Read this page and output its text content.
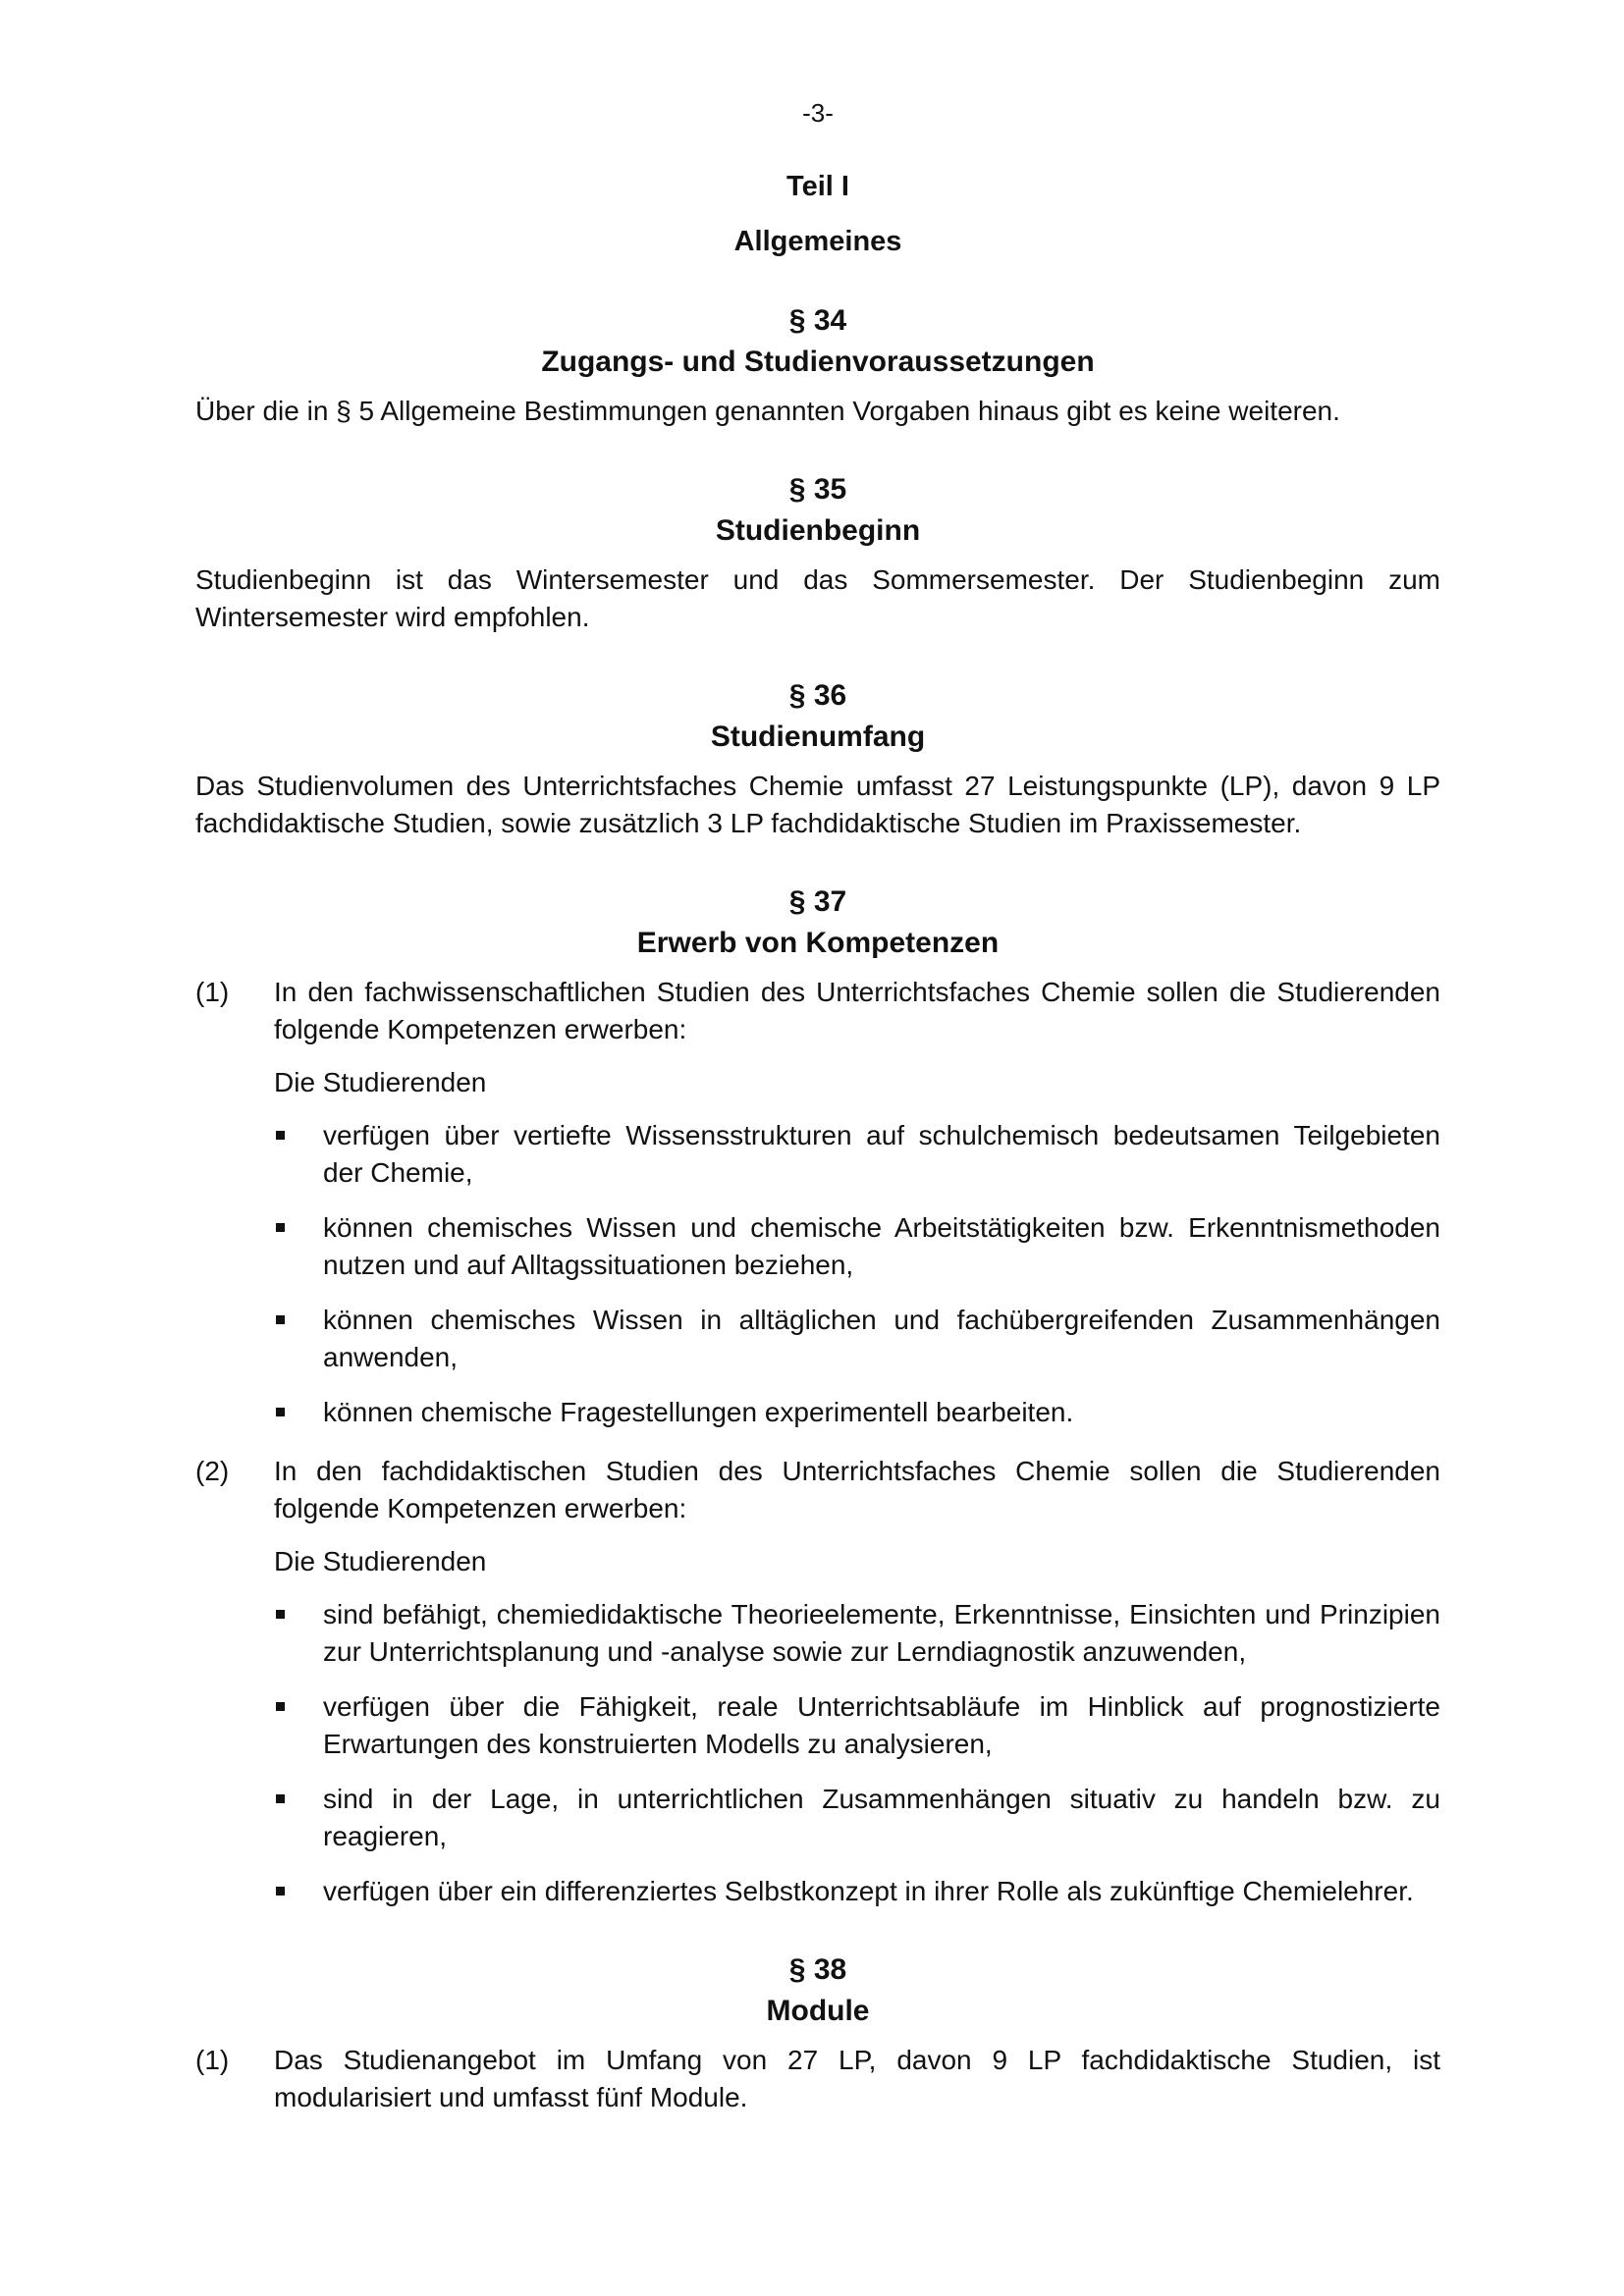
-3-
Teil I
Allgemeines
§ 34
Zugangs- und Studienvoraussetzungen

Über die in § 5 Allgemeine Bestimmungen genannten Vorgaben hinaus gibt es keine weiteren.

§ 35
Studienbeginn

Studienbeginn ist das Wintersemester und das Sommersemester. Der Studienbeginn zum Wintersemester wird empfohlen.

§ 36
Studienumfang

Das Studienvolumen des Unterrichtsfaches Chemie umfasst 27 Leistungspunkte (LP), davon 9 LP fachdidaktische Studien, sowie zusätzlich 3 LP fachdidaktische Studien im Praxissemester.

§ 37
Erwerb von Kompetenzen
(1)	In den fachwissenschaftlichen Studien des Unterrichtsfaches Chemie sollen die Studierenden folgende Kompetenzen erwerben:

Die Studierenden

verfügen über vertiefte Wissensstrukturen auf schulchemisch bedeutsamen Teilgebieten der Chemie,
können chemisches Wissen und chemische Arbeitstätigkeiten bzw. Erkenntnismethoden nutzen und auf Alltagssituationen beziehen,
können chemisches Wissen in alltäglichen und fachübergreifenden Zusammenhängen anwenden,
können chemische Fragestellungen experimentell bearbeiten.
(2)	In den fachdidaktischen Studien des Unterrichtsfaches Chemie sollen die Studierenden folgende Kompetenzen erwerben:

Die Studierenden

sind befähigt, chemiedidaktische Theorieelemente, Erkenntnisse, Einsichten und Prinzipien zur Unterrichtsplanung und -analyse sowie zur Lerndiagnostik anzuwenden,
verfügen über die Fähigkeit, reale Unterrichtsabläufe im Hinblick auf prognostizierte Erwartungen des konstruierten Modells zu analysieren,
sind in der Lage, in unterrichtlichen Zusammenhängen situativ zu handeln bzw. zu reagieren,
verfügen über ein differenziertes Selbstkonzept in ihrer Rolle als zukünftige Chemielehrer.
§ 38
Module
(1)	Das Studienangebot im Umfang von 27 LP, davon 9 LP fachdidaktische Studien, ist modularisiert und umfasst fünf Module.
